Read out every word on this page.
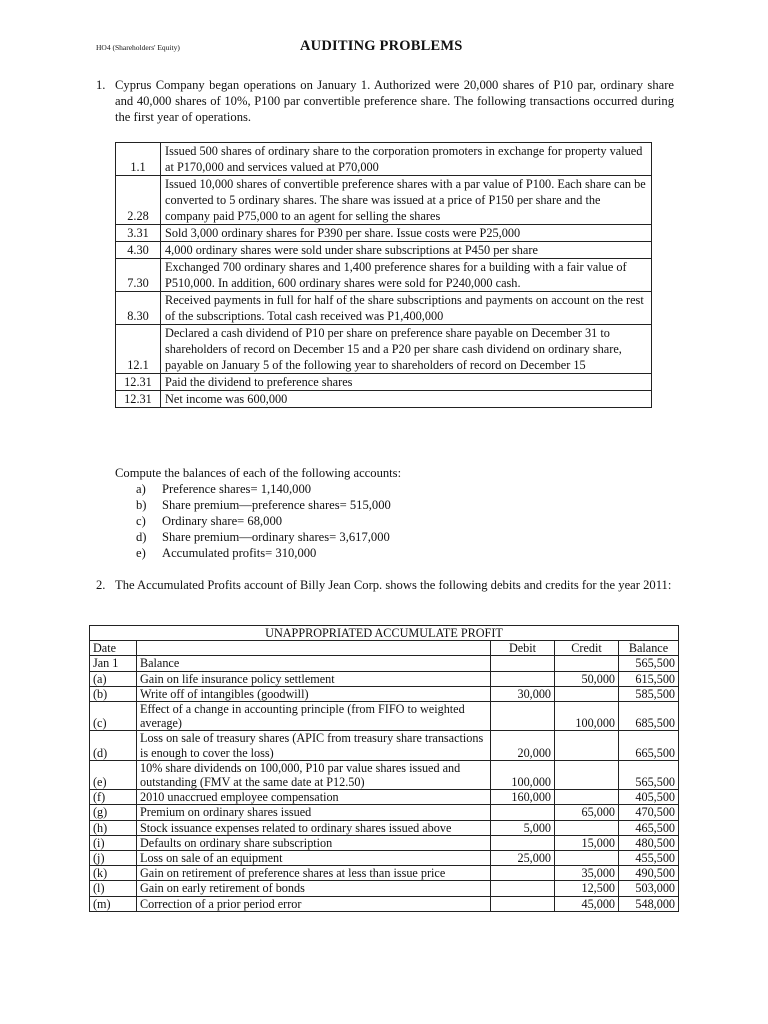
HO4 (Shareholders' Equity)	AUDITING PROBLEMS
1. Cyprus Company began operations on January 1. Authorized were 20,000 shares of P10 par, ordinary share and 40,000 shares of 10%, P100 par convertible preference share. The following transactions occurred during the first year of operations.
1.1	Issued 500 shares of ordinary share to the corporation promoters in exchange for property valued at P170,000 and services valued at P70,000
2.28	Issued 10,000 shares of convertible preference shares with a par value of P100. Each share can be converted to 5 ordinary shares. The share was issued at a price of P150 per share and the company paid P75,000 to an agent for selling the shares
3.31	Sold 3,000 ordinary shares for P390 per share. Issue costs were P25,000
4.30	4,000 ordinary shares were sold under share subscriptions at P450 per share
7.30	Exchanged 700 ordinary shares and 1,400 preference shares for a building with a fair value of P510,000. In addition, 600 ordinary shares were sold for P240,000 cash.
8.30	Received payments in full for half of the share subscriptions and payments on account on the rest of the subscriptions. Total cash received was P1,400,000
12.1	Declared a cash dividend of P10 per share on preference share payable on December 31 to shareholders of record on December 15 and a P20 per share cash dividend on ordinary share, payable on January 5 of the following year to shareholders of record on December 15
12.31	Paid the dividend to preference shares
12.31	Net income was 600,000
Compute the balances of each of the following accounts:
a) Preference shares= 1,140,000
b) Share premium—preference shares= 515,000
c) Ordinary share= 68,000
d) Share premium—ordinary shares= 3,617,000
e) Accumulated profits= 310,000
2. The Accumulated Profits account of Billy Jean Corp. shows the following debits and credits for the year 2011:
UNAPPROPRIATED ACCUMULATE PROFIT				
Date		Debit	Credit	Balance
Jan 1	Balance			565,500
(a)	Gain on life insurance policy settlement		50,000	615,500
(b)	Write off of intangibles (goodwill)	30,000		585,500
(c)	Effect of a change in accounting principle (from FIFO to weighted average)		100,000	685,500
(d)	Loss on sale of treasury shares (APIC from treasury share transactions is enough to cover the loss)	20,000		665,500
(e)	10% share dividends on 100,000, P10 par value shares issued and outstanding (FMV at the same date at P12.50)	100,000		565,500
(f)	2010 unaccrued employee compensation	160,000		405,500
(g)	Premium on ordinary shares issued		65,000	470,500
(h)	Stock issuance expenses related to ordinary shares issued above	5,000		465,500
(i)	Defaults on ordinary share subscription		15,000	480,500
(j)	Loss on sale of an equipment	25,000		455,500
(k)	Gain on retirement of preference shares at less than issue price		35,000	490,500
(l)	Gain on early retirement of bonds		12,500	503,000
(m)	Correction of a prior period error		45,000	548,000
